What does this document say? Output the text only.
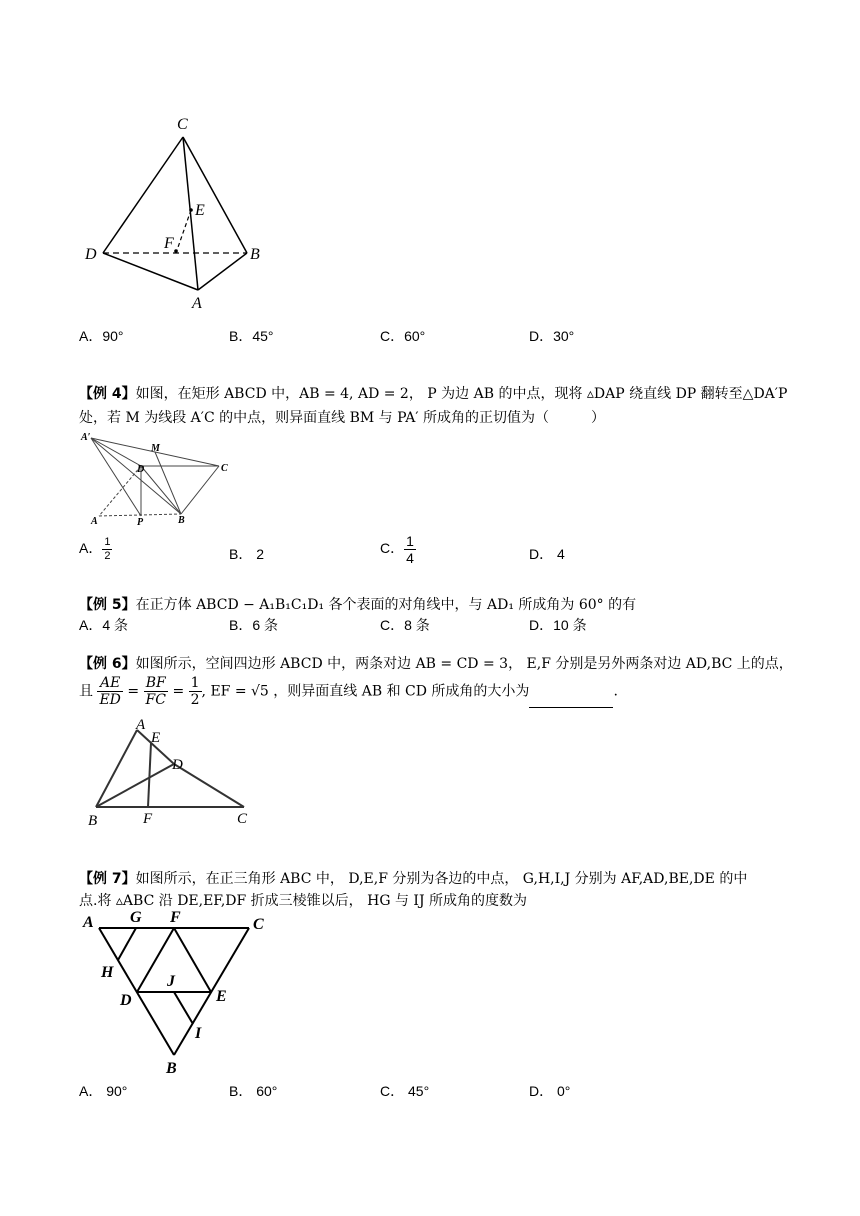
C
E
F
D	B
A
A．90°	B．45°	C．60°	D．30°
【例 4】如图，在矩形 ABCD 中，AB = 4, AD = 2， P 为边 AB 的中点，现将 ▵DAP 绕直线 DP 翻转至△DA′P
处，若 M 为线段 A′C 的中点，则异面直线 BM 与 PA′ 所成角的正切值为（　　　）
A′
M
D	C
A	P	B
A． $\frac{1}{2}$	B． 2	C． $\frac{1}{4}$	D． 4
【例 5】在正方体 ABCD − A₁B₁C₁D₁ 各个表面的对角线中，与 AD₁ 所成角为 60° 的有
A．4 条	B．6 条	C．8 条	D．10 条
【例 6】如图所示，空间四边形 ABCD 中，两条对边 AB = CD = 3， E,F 分别是另外两条对边 AD,BC 上的点，
且 $\frac{AE}{ED} = \frac{BF}{FC} = \frac{1}{2}$ , EF = √5 ，则异面直线 AB 和 CD 所成角的大小为	.
A
E
D
B	F	C
【例 7】如图所示，在正三角形 ABC 中， D,E,F 分别为各边的中点， G,H,I,J 分别为 AF,AD,BE,DE 的中
点.将 ▵ABC 沿 DE,EF,DF 折成三棱锥以后， HG 与 IJ 所成角的度数为
A G F	C
H
J
D	E
I
B
A． 90°	B． 60°	C． 45°	D． 0°
